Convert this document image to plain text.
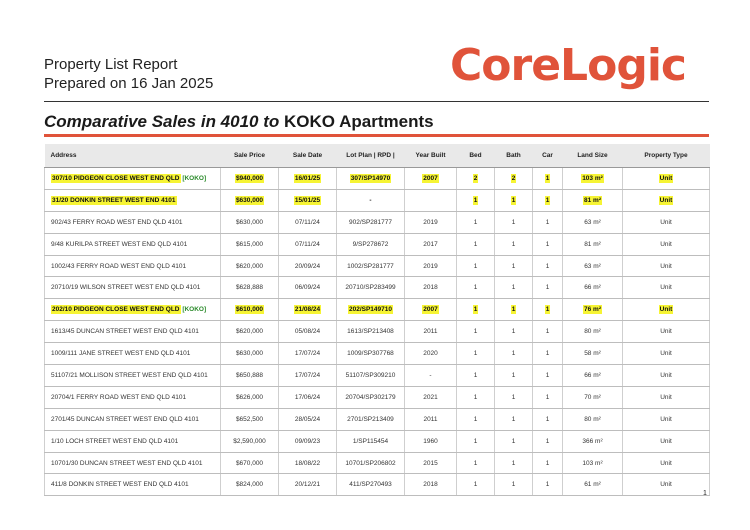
Property List Report
Prepared on 16 Jan 2025	CoreLogic
Comparative Sales in 4010 to KOKO Apartments
Address	Sale Price	Sale Date	Lot Plan | RPD |	Year Built	Bed	Bath	Car	Land Size	Property Type
307/10 PIDGEON CLOSE WEST END QLD [KOKO]	$940,000	16/01/25	307/SP14970	2007	2	2	1	103 m²	Unit
31/20 DONKIN STREET WEST END 4101	$630,000	15/01/25	-		1	1	1	81 m²	Unit
902/43 FERRY ROAD WEST END QLD 4101	$630,000	07/11/24	902/SP281777	2019	1	1	1	63 m²	Unit
9/48 KURILPA STREET WEST END QLD 4101	$615,000	07/11/24	9/SP278672	2017	1	1	1	81 m²	Unit
1002/43 FERRY ROAD WEST END QLD 4101	$620,000	20/09/24	1002/SP281777	2019	1	1	1	63 m²	Unit
20710/19 WILSON STREET WEST END QLD 4101	$628,888	06/09/24	20710/SP283499	2018	1	1	1	66 m²	Unit
202/10 PIDGEON CLOSE WEST END QLD [KOKO]	$610,000	21/08/24	202/SP149710	2007	1	1	1	76 m²	Unit
1613/45 DUNCAN STREET WEST END QLD 4101	$620,000	05/08/24	1613/SP213408	2011	1	1	1	80 m²	Unit
1009/111 JANE STREET WEST END QLD 4101	$630,000	17/07/24	1009/SP307768	2020	1	1	1	58 m²	Unit
51107/21 MOLLISON STREET WEST END QLD 4101	$650,888	17/07/24	51107/SP309210	-	1	1	1	66 m²	Unit
20704/1 FERRY ROAD WEST END QLD 4101	$626,000	17/06/24	20704/SP302179	2021	1	1	1	70 m²	Unit
2701/45 DUNCAN STREET WEST END QLD 4101	$652,500	28/05/24	2701/SP213409	2011	1	1	1	80 m²	Unit
1/10 LOCH STREET WEST END QLD 4101	$2,590,000	09/09/23	1/SP115454	1960	1	1	1	366 m²	Unit
10701/30 DUNCAN STREET WEST END QLD 4101	$670,000	18/08/22	10701/SP206802	2015	1	1	1	103 m²	Unit
411/8 DONKIN STREET WEST END QLD 4101	$824,000	20/12/21	411/SP270493	2018	1	1	1	61 m²	Unit
1
